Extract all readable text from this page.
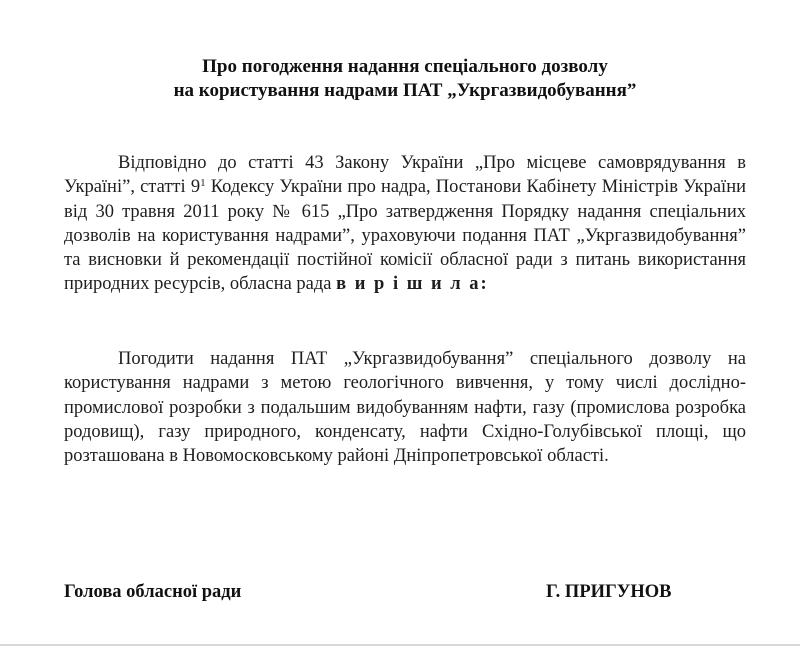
Про погодження надання спеціального дозволу
на користування надрами ПАТ „Укргазвидобування”
Відповідно до статті 43 Закону України „Про місцеве самоврядування в Україні”, статті $9^1$ Кодексу України про надра, Постанови Кабінету Міністрів України від 30 травня 2011 року № 615 „Про затвердження Порядку надання спеціальних дозволів на користування надрами”, ураховуючи подання ПАТ „Укргазвидобування” та висновки й рекомендації постійної комісії обласної ради з питань використання природних ресурсів, обласна рада в и р і ш и л а:
Погодити надання ПАТ „Укргазвидобування” спеціального дозволу на користування надрами з метою геологічного вивчення, у тому числі дослідно-промислової розробки з подальшим видобуванням нафти, газу (промислова розробка родовищ), газу природного, конденсату, нафти Східно-Голубівської площі, що розташована в Новомосковському районі Дніпропетровської області.
Голова обласної ради	Г. ПРИГУНОВ
